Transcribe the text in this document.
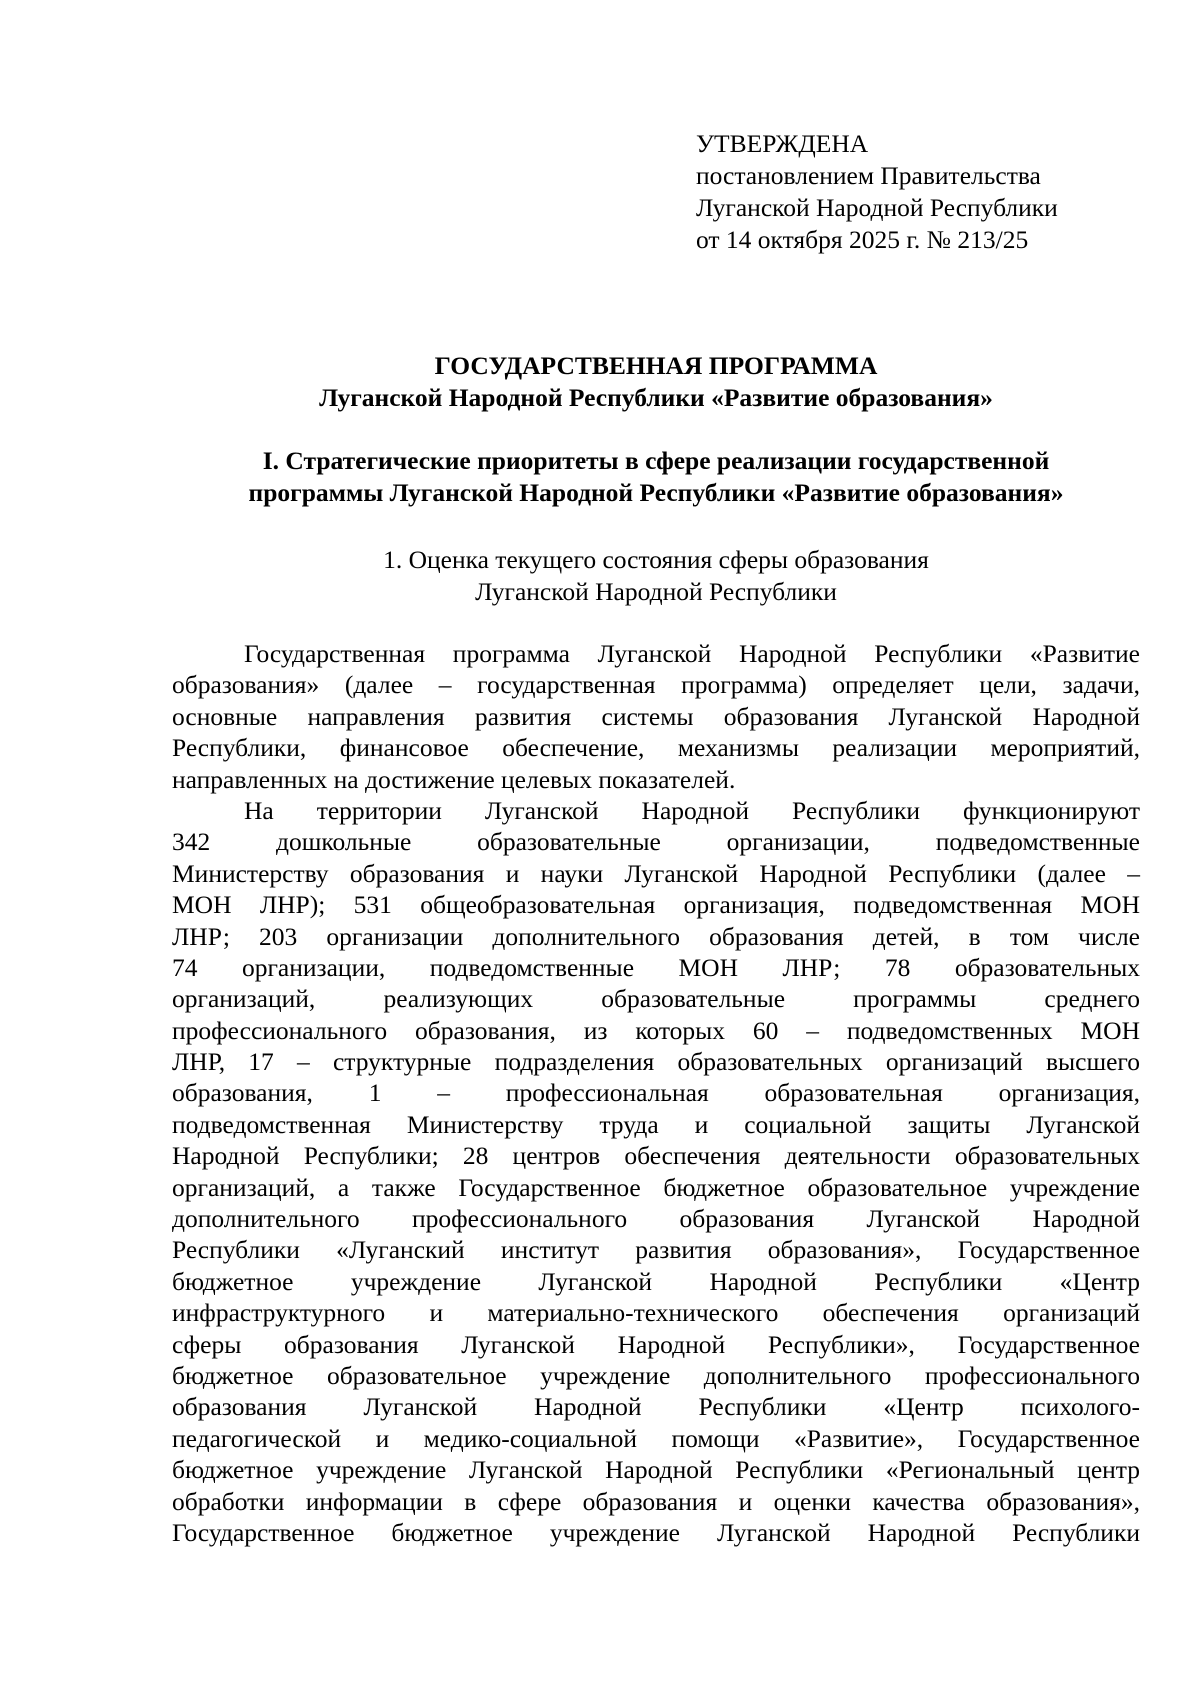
УТВЕРЖДЕНА
постановлением Правительства
Луганской Народной Республики
от 14 октября 2025 г. № 213/25
ГОСУДАРСТВЕННАЯ ПРОГРАММА
Луганской Народной Республики «Развитие образования»
I. Стратегические приоритеты в сфере реализации государственной
программы Луганской Народной Республики «Развитие образования»
1. Оценка текущего состояния сферы образования
Луганской Народной Республики
Государственная программа Луганской Народной Республики «Развитие
образования» (далее – государственная программа) определяет цели, задачи,
основные направления развития системы образования Луганской Народной
Республики, финансовое обеспечение, механизмы реализации мероприятий,
направленных на достижение целевых показателей.
На территории Луганской Народной Республики функционируют
342 дошкольные образовательные организации, подведомственные
Министерству образования и науки Луганской Народной Республики (далее –
МОН ЛНР); 531 общеобразовательная организация, подведомственная МОН
ЛНР; 203 организации дополнительного образования детей, в том числе
74 организации, подведомственные МОН ЛНР; 78 образовательных
организаций, реализующих образовательные программы среднего
профессионального образования, из которых 60 – подведомственных МОН
ЛНР, 17 – структурные подразделения образовательных организаций высшего
образования, 1 – профессиональная образовательная организация,
подведомственная Министерству труда и социальной защиты Луганской
Народной Республики; 28 центров обеспечения деятельности образовательных
организаций, а также Государственное бюджетное образовательное учреждение
дополнительного профессионального образования Луганской Народной
Республики «Луганский институт развития образования», Государственное
бюджетное учреждение Луганской Народной Республики «Центр
инфраструктурного и материально-технического обеспечения организаций
сферы образования Луганской Народной Республики», Государственное
бюджетное образовательное учреждение дополнительного профессионального
образования Луганской Народной Республики «Центр психолого-
педагогической и медико-социальной помощи «Развитие», Государственное
бюджетное учреждение Луганской Народной Республики «Региональный центр
обработки информации в сфере образования и оценки качества образования»,
Государственное бюджетное учреждение Луганской Народной Республики
